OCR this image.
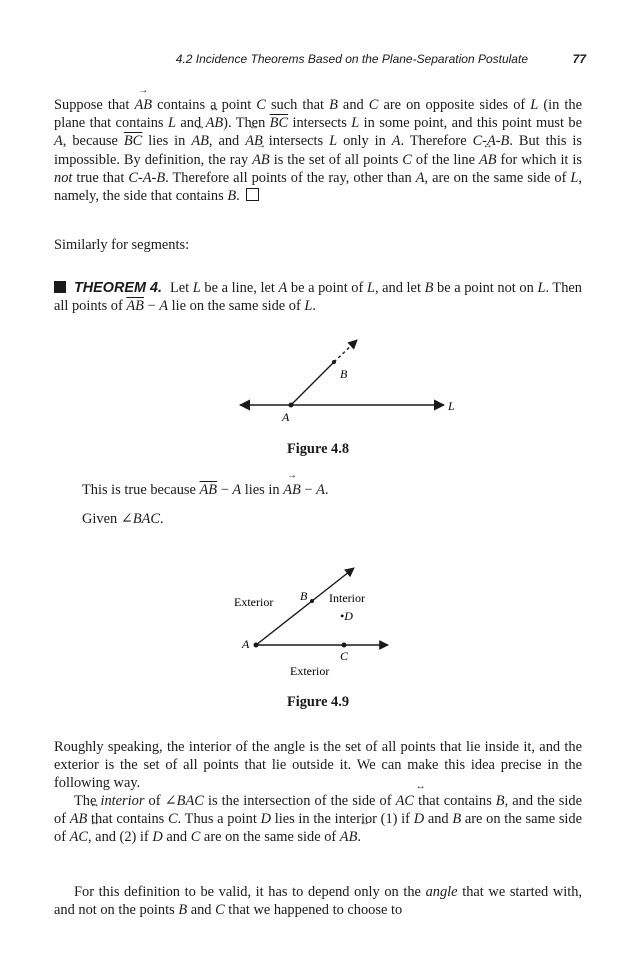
4.2 Incidence Theorems Based on the Plane-Separation Postulate	77

Suppose that AB → contains a point C such that B and C are on opposite sides of L (in the plane that contains L and AB ↔). Then $\overline{BC}$ intersects L in some point, and this point must be A, because $\overline{BC}$ lies in AB ↔, and AB ↔ intersects L only in A. Therefore C-A-B. But this is impossible. By definition, the ray AB → is the set of all points C of the line AB ↔ for which it is not true that C-A-B. Therefore all points of the ray, other than A, are on the same side of L, namely, the side that contains B.

Similarly for segments:

THEOREM 4. Let L be a line, let A be a point of L, and let B be a point not on L. Then all points of $\overline{AB} - A$ lie on the same side of L.

B
A
L
Figure 4.8

This is true because $\overline{AB} - A$ lies in AB → − A.

Given ∠BAC.

Exterior B Interior
•D
A
C
Exterior
Figure 4.9

Roughly speaking, the interior of the angle is the set of all points that lie inside it, and the exterior is the set of all points that lie outside it. We can make this idea precise in the following way.

The interior of ∠BAC is the intersection of the side of AC ↔ that contains B, and the side of AB ↔ that contains C. Thus a point D lies in the interior (1) if D and B are on the same side of AC ↔, and (2) if D and C are on the same side of AB ↔.

For this definition to be valid, it has to depend only on the angle that we started with, and not on the points B and C that we happened to choose to
